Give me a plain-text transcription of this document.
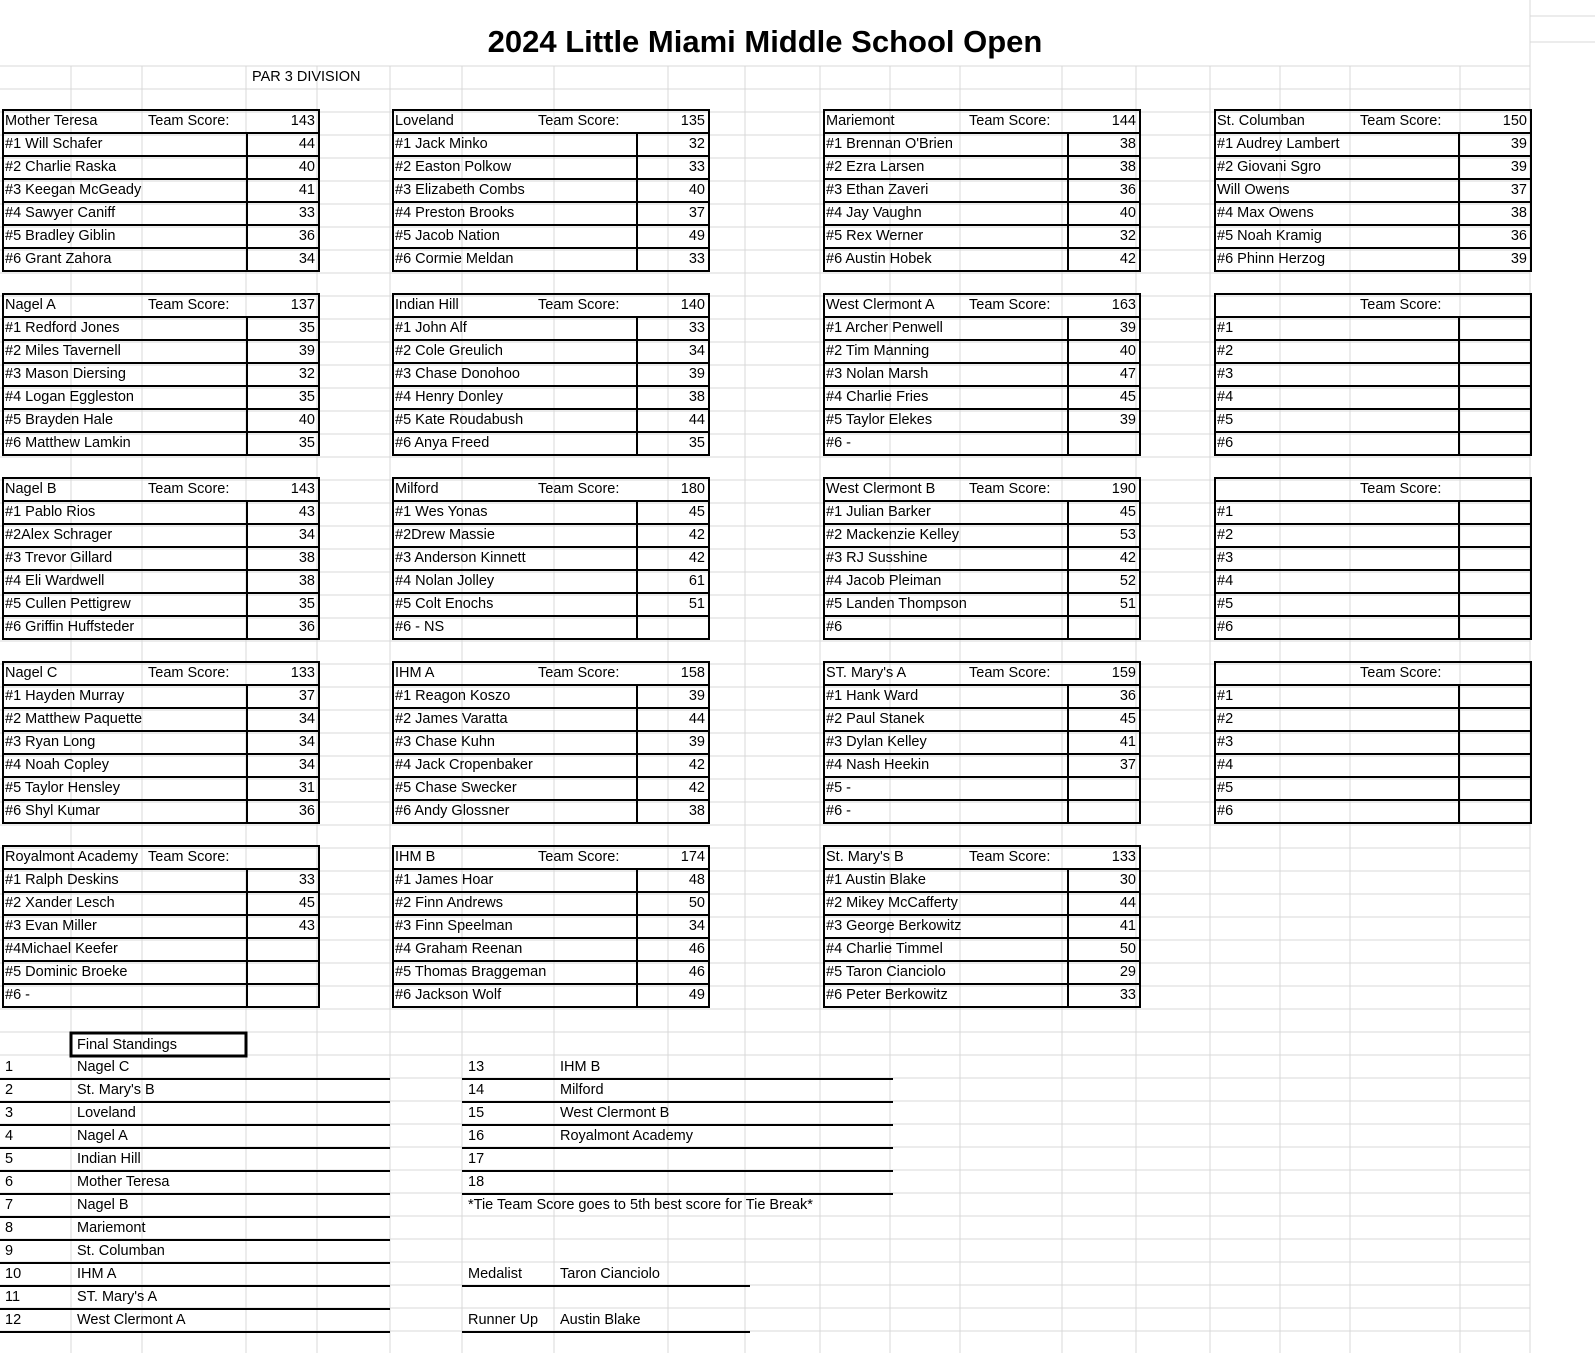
2024 Little Miami Middle School Open
PAR 3 DIVISION
Mother Teresa	Team Score:	143
#1 Will Schafer	44
#2 Charlie Raska	40
#3 Keegan McGeady	41
#4 Sawyer Caniff	33
#5 Bradley Giblin	36
#6 Grant Zahora	34
Loveland	Team Score:	135
#1 Jack Minko	32
#2 Easton Polkow	33
#3 Elizabeth Combs	40
#4 Preston Brooks	37
#5 Jacob Nation	49
#6 Cormie Meldan	33
Mariemont	Team Score:	144
#1 Brennan O'Brien	38
#2 Ezra Larsen	38
#3 Ethan Zaveri	36
#4 Jay Vaughn	40
#5 Rex Werner	32
#6 Austin Hobek	42
St. Columban	Team Score:	150
#1 Audrey Lambert	39
#2 Giovani Sgro	39
Will Owens	37
#4 Max Owens	38
#5 Noah Kramig	36
#6 Phinn Herzog	39
Nagel A	Team Score:	137
#1 Redford Jones	35
#2 Miles Tavernell	39
#3 Mason Diersing	32
#4 Logan Eggleston	35
#5 Brayden Hale	40
#6 Matthew Lamkin	35
Indian Hill	Team Score:	140
#1 John Alf	33
#2 Cole Greulich	34
#3 Chase Donohoo	39
#4 Henry Donley	38
#5 Kate Roudabush	44
#6 Anya Freed	35
West Clermont A	Team Score:	163
#1 Archer Penwell	39
#2 Tim Manning	40
#3 Nolan Marsh	47
#4 Charlie Fries	45
#5 Taylor Elekes	39
#6 -
Team Score:
#1
#2
#3
#4
#5
#6
Nagel B	Team Score:	143
#1 Pablo Rios	43
#2Alex Schrager	34
#3 Trevor Gillard	38
#4 Eli Wardwell	38
#5 Cullen Pettigrew	35
#6 Griffin Huffsteder	36
Milford	Team Score:	180
#1 Wes Yonas	45
#2Drew Massie	42
#3 Anderson Kinnett	42
#4 Nolan Jolley	61
#5 Colt Enochs	51
#6 - NS
West Clermont B	Team Score:	190
#1 Julian Barker	45
#2 Mackenzie Kelley	53
#3 RJ Susshine	42
#4 Jacob Pleiman	52
#5 Landen Thompson	51
#6
Team Score:
#1
#2
#3
#4
#5
#6
Nagel C	Team Score:	133
#1 Hayden Murray	37
#2 Matthew Paquette	34
#3 Ryan Long	34
#4 Noah Copley	34
#5 Taylor Hensley	31
#6 Shyl Kumar	36
IHM A	Team Score:	158
#1 Reagon Koszo	39
#2 James Varatta	44
#3 Chase Kuhn	39
#4 Jack Cropenbaker	42
#5 Chase Swecker	42
#6 Andy Glossner	38
ST. Mary's A	Team Score:	159
#1 Hank Ward	36
#2 Paul Stanek	45
#3 Dylan Kelley	41
#4 Nash Heekin	37
#5 -
#6 -
Team Score:
#1
#2
#3
#4
#5
#6
Royalmont Academy Team Score:
#1 Ralph Deskins	33
#2 Xander Lesch	45
#3 Evan Miller	43
#4Michael Keefer
#5 Dominic Broeke
#6 -
IHM B	Team Score:	174
#1 James Hoar	48
#2 Finn Andrews	50
#3 Finn Speelman	34
#4 Graham Reenan	46
#5 Thomas Braggeman	46
#6 Jackson Wolf	49
St. Mary's B	Team Score:	133
#1 Austin Blake	30
#2 Mikey McCafferty	44
#3 George Berkowitz	41
#4 Charlie Timmel	50
#5 Taron Cianciolo	29
#6 Peter Berkowitz	33
Final Standings
1	Nagel C
2	St. Mary's B
3	Loveland
4	Nagel A
5	Indian Hill
6	Mother Teresa
7	Nagel B
8	Mariemont
9	St. Columban
10	IHM A
11	ST. Mary's A
12	West Clermont A
13	IHM B
14	Milford
15	West Clermont B
16	Royalmont Academy
17
18
*Tie Team Score goes to 5th best score for Tie Break*
Medalist	Taron Cianciolo
Runner Up Austin Blake
